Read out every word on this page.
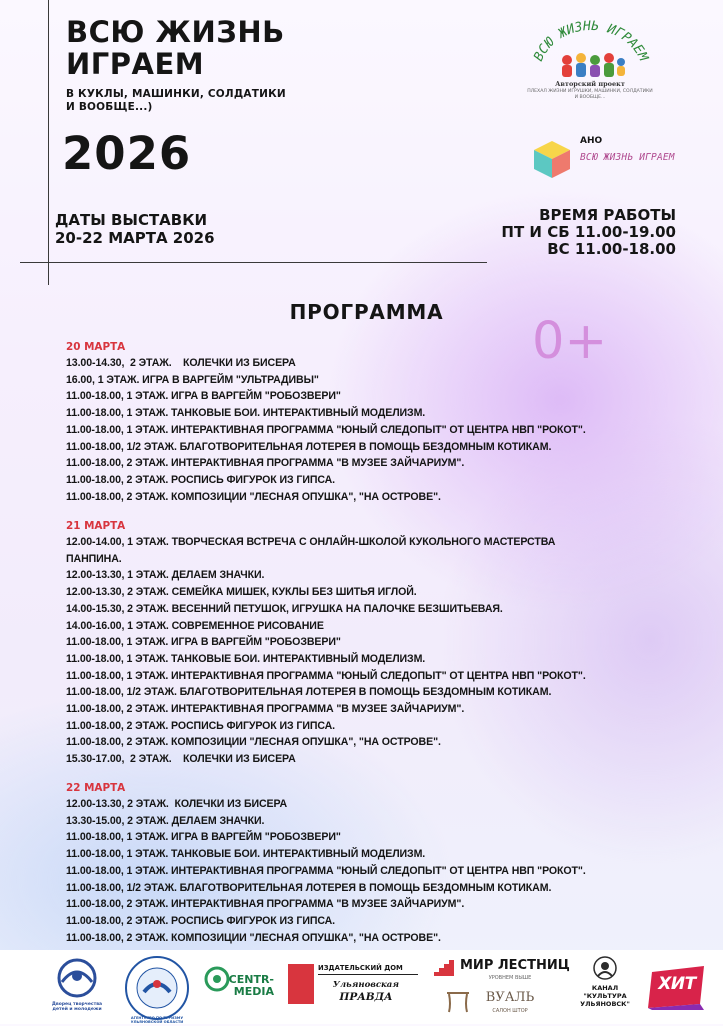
ВСЮ ЖИЗНЬ
ИГРАЕМ

В КУКЛЫ, МАШИНКИ, СОЛДАТИКИ
И ВООБЩЕ...)

2026

ДАТЫ ВЫСТАВКИ
20-22 МАРТА 2026

ВРЕМЯ РАБОТЫ
ПТ И СБ 11.00-19.00
ВС 11.00-18.00

ВСЮ ЖИЗНЬ ИГРАЕМ
Авторский проект
ПЛЕХАЛ ЖИЗНИ ИГРУШКИ, МАШИНКИ, СОЛДАТИКИ И ВООБЩЕ...
АНО
ВСЮ ЖИЗНЬ ИГРАЕМ
ПРОГРАММА	0+

20 МАРТА
13.00-14.30,  2 ЭТАЖ.    КОЛЕЧКИ ИЗ БИСЕРА
16.00, 1 ЭТАЖ. ИГРА В ВАРГЕЙМ "УЛЬТРАДИВЫ"
11.00-18.00, 1 ЭТАЖ. ИГРА В ВАРГЕЙМ "РОБОЗВЕРИ"
11.00-18.00, 1 ЭТАЖ. ТАНКОВЫЕ БОИ. ИНТЕРАКТИВНЫЙ МОДЕЛИЗМ.
11.00-18.00, 1 ЭТАЖ. ИНТЕРАКТИВНАЯ ПРОГРАММА "ЮНЫЙ СЛЕДОПЫТ" ОТ ЦЕНТРА НВП "РОКОТ".
11.00-18.00, 1/2 ЭТАЖ. БЛАГОТВОРИТЕЛЬНАЯ ЛОТЕРЕЯ В ПОМОЩЬ БЕЗДОМНЫМ КОТИКАМ.
11.00-18.00, 2 ЭТАЖ. ИНТЕРАКТИВНАЯ ПРОГРАММА "В МУЗЕЕ ЗАЙЧАРИУМ".
11.00-18.00, 2 ЭТАЖ. РОСПИСЬ ФИГУРОК ИЗ ГИПСА.
11.00-18.00, 2 ЭТАЖ. КОМПОЗИЦИИ "ЛЕСНАЯ ОПУШКА", "НА ОСТРОВЕ".
21 МАРТА
12.00-14.00, 1 ЭТАЖ. ТВОРЧЕСКАЯ ВСТРЕЧА С ОНЛАЙН-ШКОЛОЙ КУКОЛЬНОГО МАСТЕРСТВА
ПАНПИНА.
12.00-13.30, 1 ЭТАЖ. ДЕЛАЕМ ЗНАЧКИ.
12.00-13.30, 2 ЭТАЖ. СЕМЕЙКА МИШЕК, КУКЛЫ БЕЗ ШИТЬЯ ИГЛОЙ.
14.00-15.30, 2 ЭТАЖ. ВЕСЕННИЙ ПЕТУШОК, ИГРУШКА НА ПАЛОЧКЕ БЕЗШИТЬЕВАЯ.
14.00-16.00, 1 ЭТАЖ. СОВРЕМЕННОЕ РИСОВАНИЕ
11.00-18.00, 1 ЭТАЖ. ИГРА В ВАРГЕЙМ "РОБОЗВЕРИ"
11.00-18.00, 1 ЭТАЖ. ТАНКОВЫЕ БОИ. ИНТЕРАКТИВНЫЙ МОДЕЛИЗМ.
11.00-18.00, 1 ЭТАЖ. ИНТЕРАКТИВНАЯ ПРОГРАММА "ЮНЫЙ СЛЕДОПЫТ" ОТ ЦЕНТРА НВП "РОКОТ".
11.00-18.00, 1/2 ЭТАЖ. БЛАГОТВОРИТЕЛЬНАЯ ЛОТЕРЕЯ В ПОМОЩЬ БЕЗДОМНЫМ КОТИКАМ.
11.00-18.00, 2 ЭТАЖ. ИНТЕРАКТИВНАЯ ПРОГРАММА "В МУЗЕЕ ЗАЙЧАРИУМ".
11.00-18.00, 2 ЭТАЖ. РОСПИСЬ ФИГУРОК ИЗ ГИПСА.
11.00-18.00, 2 ЭТАЖ. КОМПОЗИЦИИ "ЛЕСНАЯ ОПУШКА", "НА ОСТРОВЕ".
15.30-17.00,  2 ЭТАЖ.    КОЛЕЧКИ ИЗ БИСЕРА
22 МАРТА
12.00-13.30, 2 ЭТАЖ.  КОЛЕЧКИ ИЗ БИСЕРА
13.30-15.00, 2 ЭТАЖ. ДЕЛАЕМ ЗНАЧКИ.
11.00-18.00, 1 ЭТАЖ. ИГРА В ВАРГЕЙМ "РОБОЗВЕРИ"
11.00-18.00, 1 ЭТАЖ. ТАНКОВЫЕ БОИ. ИНТЕРАКТИВНЫЙ МОДЕЛИЗМ.
11.00-18.00, 1 ЭТАЖ. ИНТЕРАКТИВНАЯ ПРОГРАММА "ЮНЫЙ СЛЕДОПЫТ" ОТ ЦЕНТРА НВП "РОКОТ".
11.00-18.00, 1/2 ЭТАЖ. БЛАГОТВОРИТЕЛЬНАЯ ЛОТЕРЕЯ В ПОМОЩЬ БЕЗДОМНЫМ КОТИКАМ.
11.00-18.00, 2 ЭТАЖ. ИНТЕРАКТИВНАЯ ПРОГРАММА "В МУЗЕЕ ЗАЙЧАРИУМ".
11.00-18.00, 2 ЭТАЖ. РОСПИСЬ ФИГУРОК ИЗ ГИПСА.
11.00-18.00, 2 ЭТАЖ. КОМПОЗИЦИИ "ЛЕСНАЯ ОПУШКА", "НА ОСТРОВЕ".
Дворец творчества детей и молодежи
АГЕНТСТВО ПО ТУРИЗМУ УЛЬЯНОВСКОЙ ОБЛАСТИ
CENTR-
MEDIA
ИЗДАТЕЛЬСКИЙ ДОМ
Ульяновская
ПРАВДА
МИР ЛЕСТНИЦ
УРОВНЕМ ВЫШЕ
ВУАЛЬ
САЛОН ШТОР
КАНАЛ
"КУЛЬТУРА
УЛЬЯНОВСК"
ХИТ
